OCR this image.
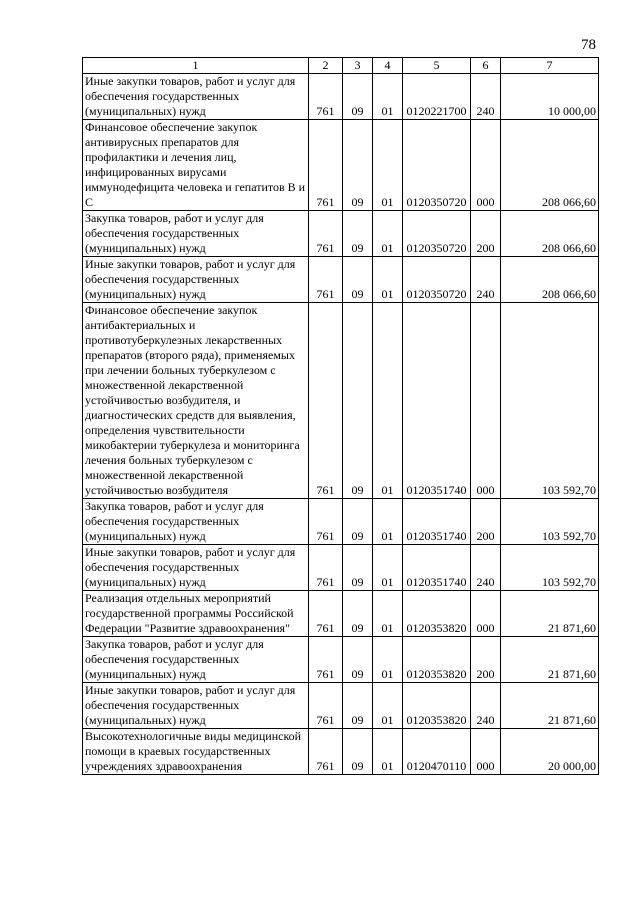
78
1	2	3	4	5	6	7
Иные закупки товаров, работ и услуг для обеспечения государственных (муниципальных) нужд	761	09	01	0120221700	240	10 000,00
Финансовое обеспечение закупок антивирусных препаратов для профилактики и лечения лиц, инфицированных вирусами иммунодефицита человека и гепатитов В и С	761	09	01	0120350720	000	208 066,60
Закупка товаров, работ и услуг для обеспечения государственных (муниципальных) нужд	761	09	01	0120350720	200	208 066,60
Иные закупки товаров, работ и услуг для обеспечения государственных (муниципальных) нужд	761	09	01	0120350720	240	208 066,60
Финансовое обеспечение закупок антибактериальных и противотуберкулезных лекарственных препаратов (второго ряда), применяемых при лечении больных туберкулезом с множественной лекарственной устойчивостью возбудителя, и диагностических средств для выявления, определения чувствительности микобактерии туберкулеза и мониторинга лечения больных туберкулезом с множественной лекарственной устойчивостью возбудителя	761	09	01	0120351740	000	103 592,70
Закупка товаров, работ и услуг для обеспечения государственных (муниципальных) нужд	761	09	01	0120351740	200	103 592,70
Иные закупки товаров, работ и услуг для обеспечения государственных (муниципальных) нужд	761	09	01	0120351740	240	103 592,70
Реализация отдельных мероприятий государственной программы Российской Федерации "Развитие здравоохранения"	761	09	01	0120353820	000	21 871,60
Закупка товаров, работ и услуг для обеспечения государственных (муниципальных) нужд	761	09	01	0120353820	200	21 871,60
Иные закупки товаров, работ и услуг для обеспечения государственных (муниципальных) нужд	761	09	01	0120353820	240	21 871,60
Высокотехнологичные виды медицинской помощи в краевых государственных учреждениях здравоохранения	761	09	01	0120470110	000	20 000,00
